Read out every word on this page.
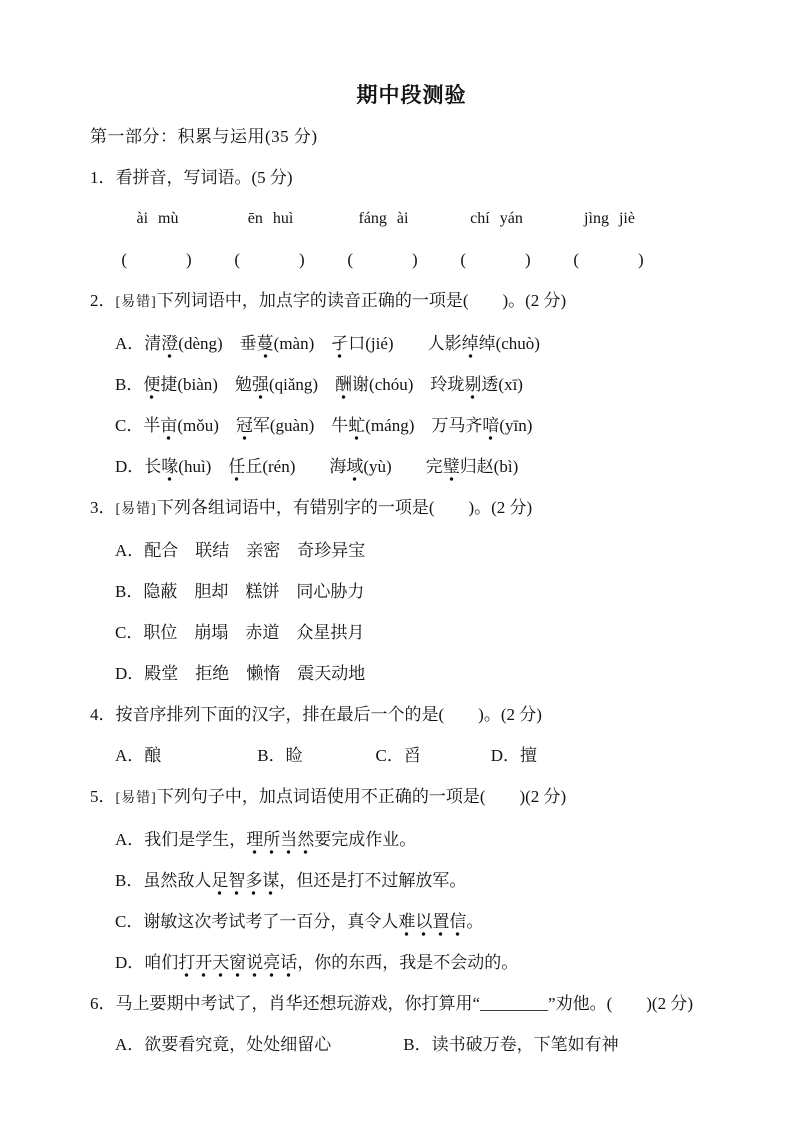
期中段测验

第一部分：积累与运用(35 分)

1．看拼音，写词语。(5 分)

ài mù
(　　　)
ēn huì
(　　　)
fáng ài
(　　　)
chí yán
(　　　)
jìng jiè
(　　　)

2．[易错]下列词语中，加点字的读音正确的一项是(　　)。(2 分)

A．清澄(dèng)　垂蔓(màn)　孑口(jié)　　人影绰绰(chuò)

B．便捷(biàn)　勉强(qiǎng)　酬谢(chóu)　玲珑剔透(xī)

C．半亩(mǒu)　冠军(guàn)　牛虻(máng)　万马齐喑(yīn)

D．长喙(huì)　任丘(rén)　　海域(yù)　　完璧归赵(bì)

3．[易错]下列各组词语中，有错别字的一项是(　　)。(2 分)

A．配合　联结　亲密　奇珍异宝

B．隐蔽　胆却　糕饼　同心胁力

C．职位　崩塌　赤道　众星拱月

D．殿堂　拒绝　懒惰　震天动地

4．按音序排列下面的汉字，排在最后一个的是(　　)。(2 分)

A．酿	B．睑	C．舀	D．擅

5．[易错]下列句子中，加点词语使用不正确的一项是(　　)(2 分)

A．我们是学生，理所当然要完成作业。

B．虽然敌人足智多谋，但还是打不过解放军。

C．谢敏这次考试考了一百分，真令人难以置信。

D．咱们打开天窗说亮话，你的东西，我是不会动的。

6．马上要期中考试了，肖华还想玩游戏，你打算用“________”劝他。(　　)(2 分)

A．欲要看究竟，处处细留心	B．读书破万卷，下笔如有神
